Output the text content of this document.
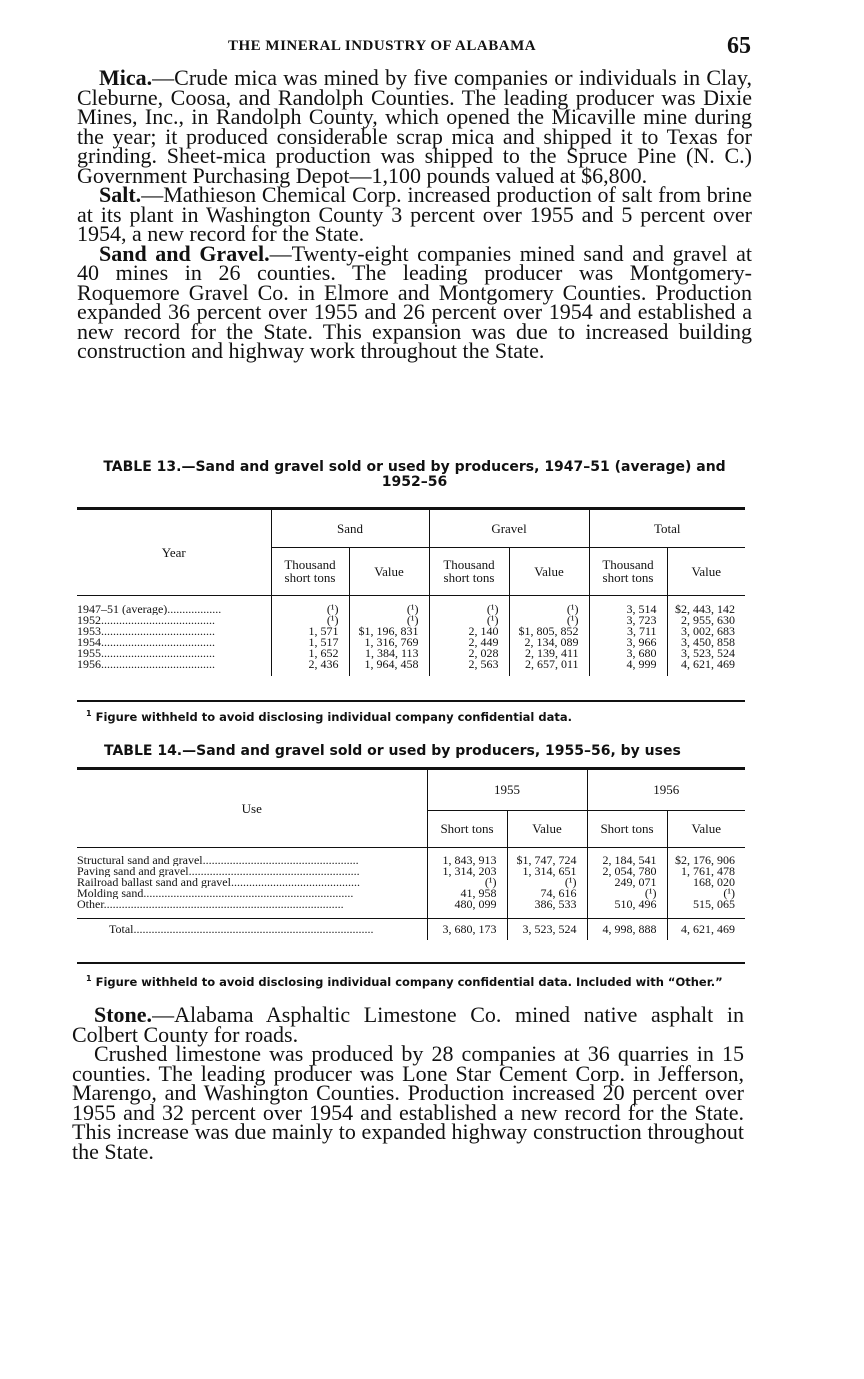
THE MINERAL INDUSTRY OF ALABAMA	65

Mica.—Crude mica was mined by five companies or individuals in Clay, Cleburne, Coosa, and Randolph Counties. The leading producer was Dixie Mines, Inc., in Randolph County, which opened the Micaville mine during the year; it produced considerable scrap mica and shipped it to Texas for grinding. Sheet-mica production was shipped to the Spruce Pine (N. C.) Government Purchasing Depot—1,100 pounds valued at $6,800.

Salt.—Mathieson Chemical Corp. increased production of salt from brine at its plant in Washington County 3 percent over 1955 and 5 percent over 1954, a new record for the State.

Sand and Gravel.—Twenty-eight companies mined sand and gravel at 40 mines in 26 counties. The leading producer was Montgomery-Roquemore Gravel Co. in Elmore and Montgomery Counties. Production expanded 36 percent over 1955 and 26 percent over 1954 and established a new record for the State. This expansion was due to increased building construction and highway work throughout the State.

TABLE 13.—Sand and gravel sold or used by producers, 1947–51 (average) and
1952–56
Year	Sand		Gravel		Total	
	Thousand short tons	Value	Thousand short tons	Value	Thousand short tons	Value

1947–51 (average)..................	(¹)	(¹)	(¹)	(¹)	3, 514	$2, 443, 142
1952......................................	(¹)	(¹)	(¹)	(¹)	3, 723	2, 955, 630
1953......................................	1, 571	$1, 196, 831	2, 140	$1, 805, 852	3, 711	3, 002, 683
1954......................................	1, 517	1, 316, 769	2, 449	2, 134, 089	3, 966	3, 450, 858
1955......................................	1, 652	1, 384, 113	2, 028	2, 139, 411	3, 680	3, 523, 524
1956......................................	2, 436	1, 964, 458	2, 563	2, 657, 011	4, 999	4, 621, 469

$^1$ Figure withheld to avoid disclosing individual company confidential data.
TABLE 14.—Sand and gravel sold or used by producers, 1955–56, by uses
Use	1955		1956	
	Short tons	Value	Short tons	Value

Structural sand and gravel....................................................	1, 843, 913	$1, 747, 724	2, 184, 541	$2, 176, 906
Paving sand and gravel.........................................................	1, 314, 203	1, 314, 651	2, 054, 780	1, 761, 478
Railroad ballast sand and gravel...........................................	(¹)	(¹)	249, 071	168, 020
Molding sand......................................................................	41, 958	74, 616	(¹)	(¹)
Other................................................................................	480, 099	386, 533	510, 496	515, 065

Total................................................................................	3, 680, 173	3, 523, 524	4, 998, 888	4, 621, 469
$^1$ Figure withheld to avoid disclosing individual company confidential data. Included with “Other.”

Stone.—Alabama Asphaltic Limestone Co. mined native asphalt in Colbert County for roads.

Crushed limestone was produced by 28 companies at 36 quarries in 15 counties. The leading producer was Lone Star Cement Corp. in Jefferson, Marengo, and Washington Counties. Production increased 20 percent over 1955 and 32 percent over 1954 and established a new record for the State. This increase was due mainly to expanded highway construction throughout the State.
